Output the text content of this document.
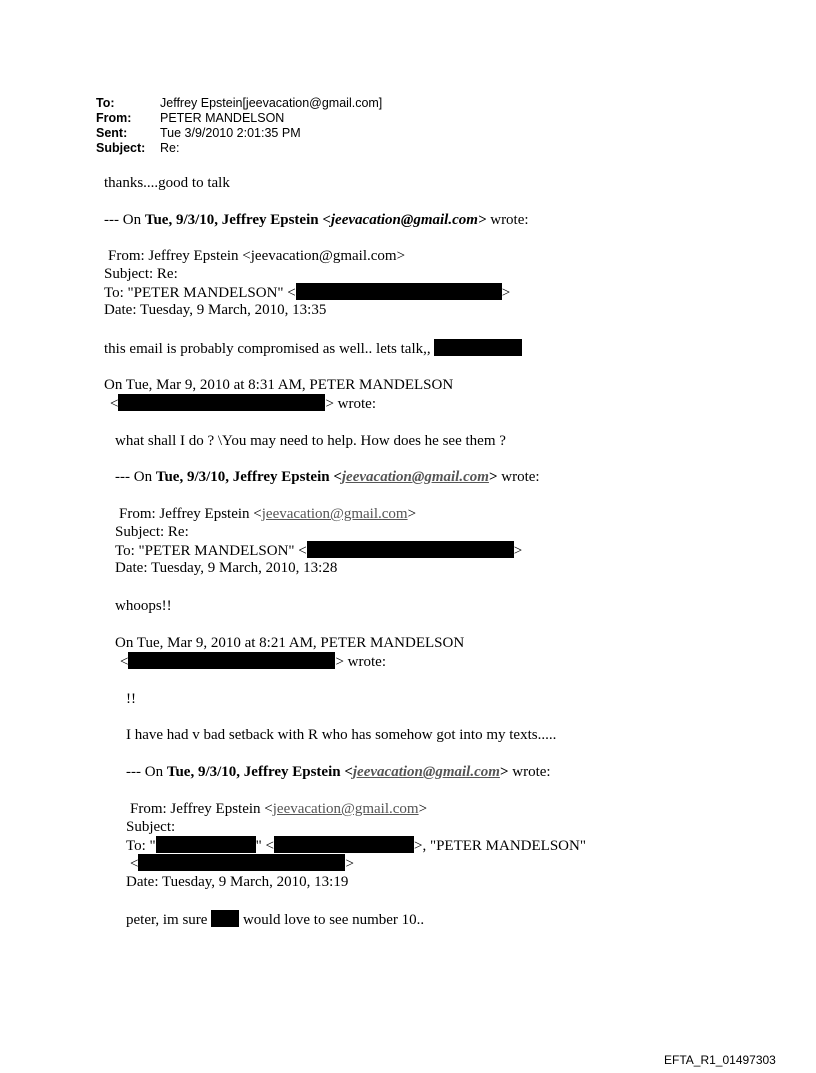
To:	Jeffrey Epstein[jeevacation@gmail.com]
From:	PETER MANDELSON
Sent:	Tue 3/9/2010 2:01:35 PM
Subject:	Re:
thanks....good to talk
--- On Tue, 9/3/10, Jeffrey Epstein <jeevacation@gmail.com> wrote:
From: Jeffrey Epstein <jeevacation@gmail.com>
Subject: Re:
To: "PETER MANDELSON" <	>
Date: Tuesday, 9 March, 2010, 13:35
this email is probably compromised as well.. lets talk,,
On Tue, Mar 9, 2010 at 8:31 AM, PETER MANDELSON
<	> wrote:
what shall I do ? \You may need to help. How does he see them ?
--- On Tue, 9/3/10, Jeffrey Epstein <jeevacation@gmail.com> wrote:
From: Jeffrey Epstein <jeevacation@gmail.com>
Subject: Re:
To: "PETER MANDELSON" <	>
Date: Tuesday, 9 March, 2010, 13:28
whoops!!
On Tue, Mar 9, 2010 at 8:21 AM, PETER MANDELSON
<	> wrote:
!!
I have had v bad setback with R who has somehow got into my texts.....
--- On Tue, 9/3/10, Jeffrey Epstein <jeevacation@gmail.com> wrote:
From: Jeffrey Epstein <jeevacation@gmail.com>
Subject:
To: "	" <	>, "PETER MANDELSON"
<	>
Date: Tuesday, 9 March, 2010, 13:19
peter, im sure  would love to see number 10..
EFTA_R1_01497303
